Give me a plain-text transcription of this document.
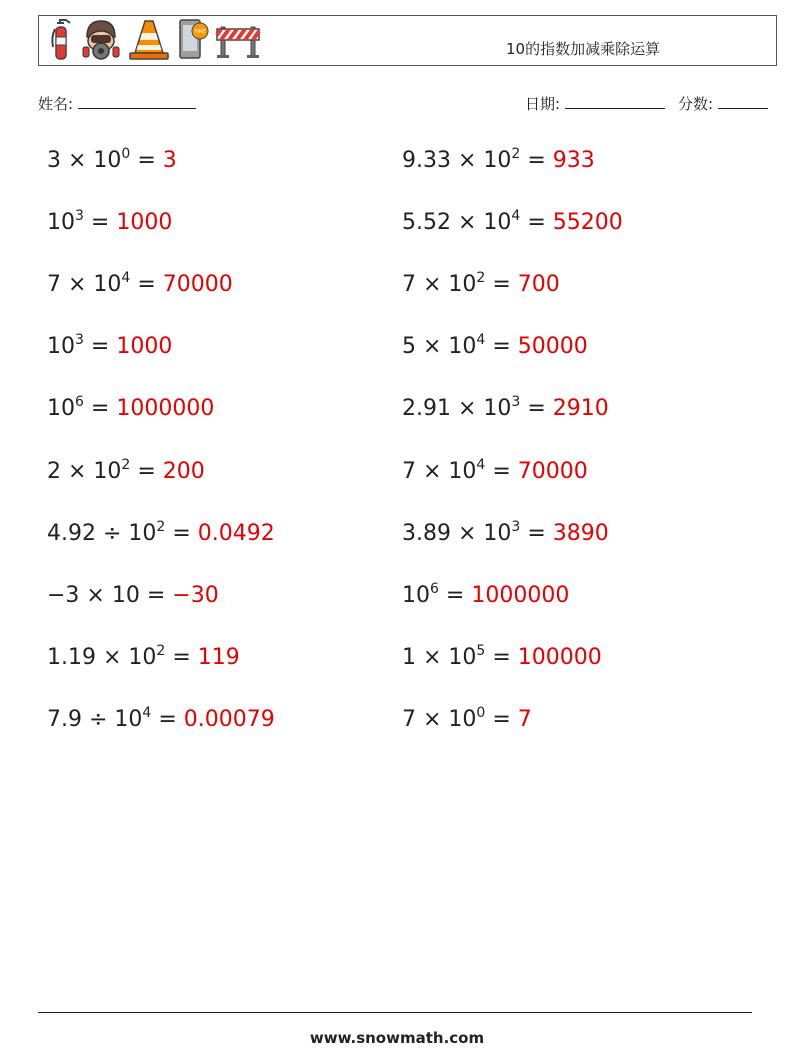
FIRE
10的指数加减乘除运算
姓名:	日期:	分数:
$3 \times 10^0 = 3$
$10^3 = 1000$
$7 \times 10^4 = 70000$
$10^3 = 1000$
$10^6 = 1000000$
$2 \times 10^2 = 200$
$4.92 \div 10^2 = 0.0492$
−3 × 10 = −30
$1.19 \times 10^2 = 119$
$7.9 \div 10^4 = 0.00079$
$9.33 \times 10^2 = 933$
$5.52 \times 10^4 = 55200$
$7 \times 10^2 = 700$
$5 \times 10^4 = 50000$
$2.91 \times 10^3 = 2910$
$7 \times 10^4 = 70000$
$3.89 \times 10^3 = 3890$
$10^6 = 1000000$
$1 \times 10^5 = 100000$
$7 \times 10^0 = 7$
www.snowmath.com
